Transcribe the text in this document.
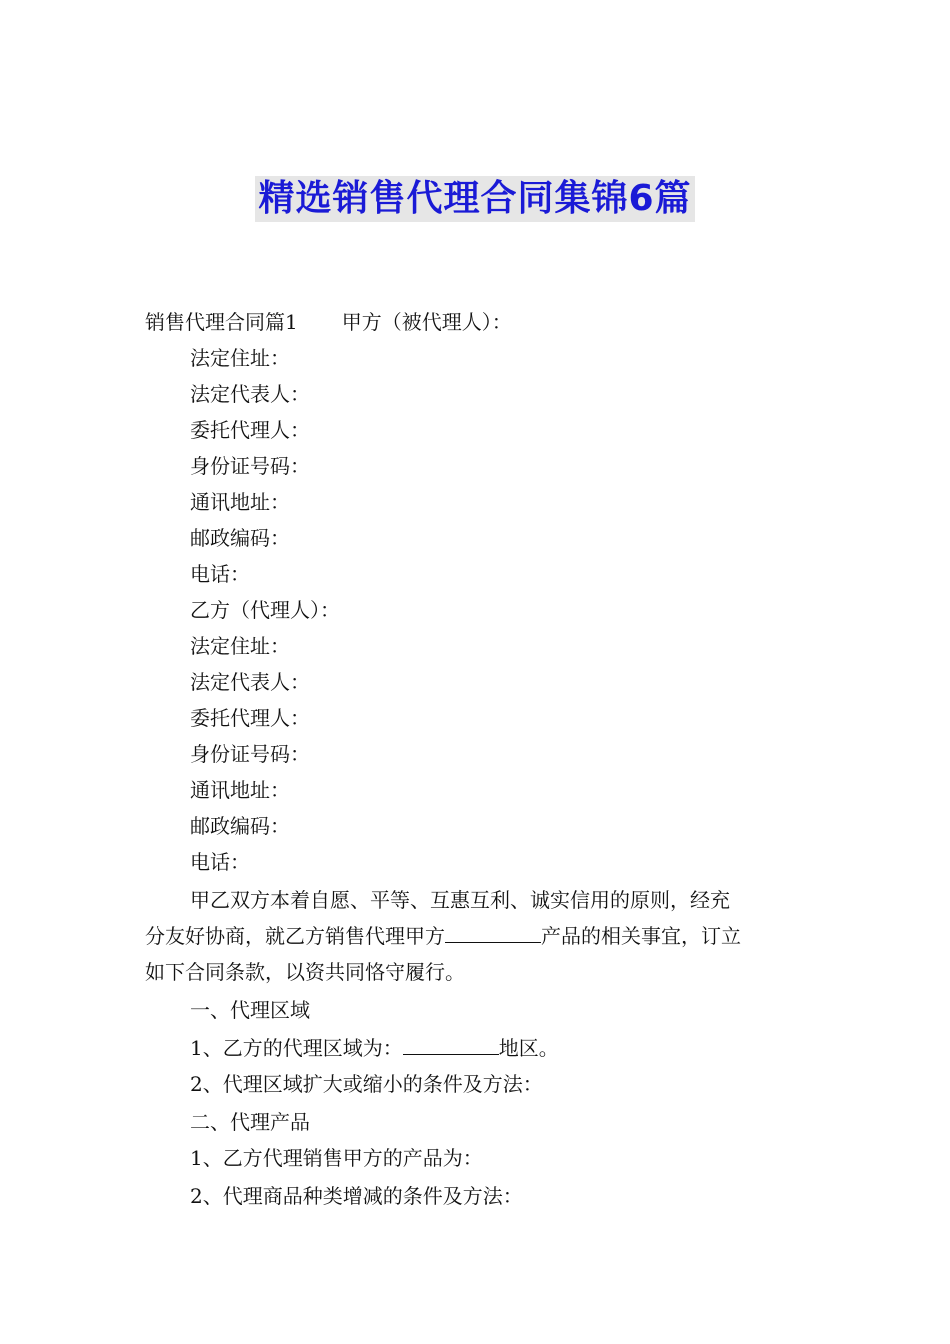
精选销售代理合同集锦6篇
销售代理合同篇1 甲方（被代理人）：
法定住址：
法定代表人：
委托代理人：
身份证号码：
通讯地址：
邮政编码：
电话：
乙方（代理人）：
法定住址：
法定代表人：
委托代理人：
身份证号码：
通讯地址：
邮政编码：
电话：
甲乙双方本着自愿、平等、互惠互利、诚实信用的原则，经充
分友好协商，就乙方销售代理甲方	产品的相关事宜，订立
如下合同条款，以资共同恪守履行。
一、代理区域
1、乙方的代理区域为：	地区。
2、代理区域扩大或缩小的条件及方法：
二、代理产品
1、乙方代理销售甲方的产品为：
2、代理商品种类增减的条件及方法：
